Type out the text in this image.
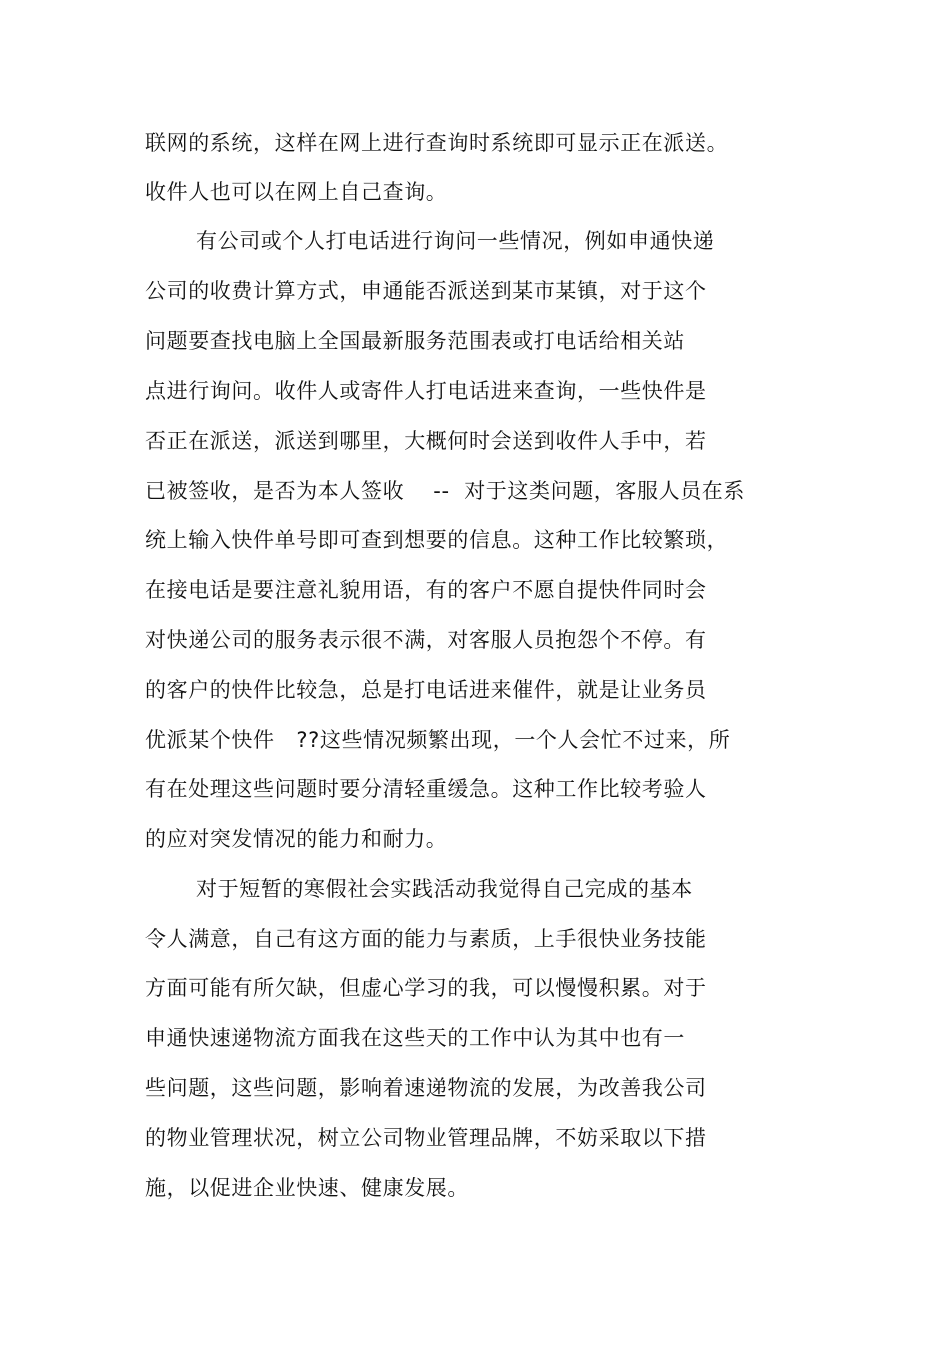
联网的系统，这样在网上进行查询时系统即可显示正在派送。
收件人也可以在网上自己查询。
有公司或个人打电话进行询问一些情况，例如申通快递
公司的收费计算方式，申通能否派送到某市某镇，对于这个
问题要查找电脑上全国最新服务范围表或打电话给相关站
点进行询问。收件人或寄件人打电话进来查询，一些快件是
否正在派送，派送到哪里，大概何时会送到收件人手中，若
已被签收，是否为本人签收    --  对于这类问题，客服人员在系
统上输入快件单号即可查到想要的信息。这种工作比较繁琐，
在接电话是要注意礼貌用语，有的客户不愿自提快件同时会
对快递公司的服务表示很不满，对客服人员抱怨个不停。有
的客户的快件比较急，总是打电话进来催件，就是让业务员
优派某个快件   ??这些情况频繁出现，一个人会忙不过来，所
有在处理这些问题时要分清轻重缓急。这种工作比较考验人
的应对突发情况的能力和耐力。
对于短暂的寒假社会实践活动我觉得自己完成的基本
令人满意，自己有这方面的能力与素质，上手很快业务技能
方面可能有所欠缺，但虚心学习的我，可以慢慢积累。对于
申通快速递物流方面我在这些天的工作中认为其中也有一
些问题，这些问题，影响着速递物流的发展，为改善我公司
的物业管理状况，树立公司物业管理品牌，不妨采取以下措
施，以促进企业快速、健康发展。
